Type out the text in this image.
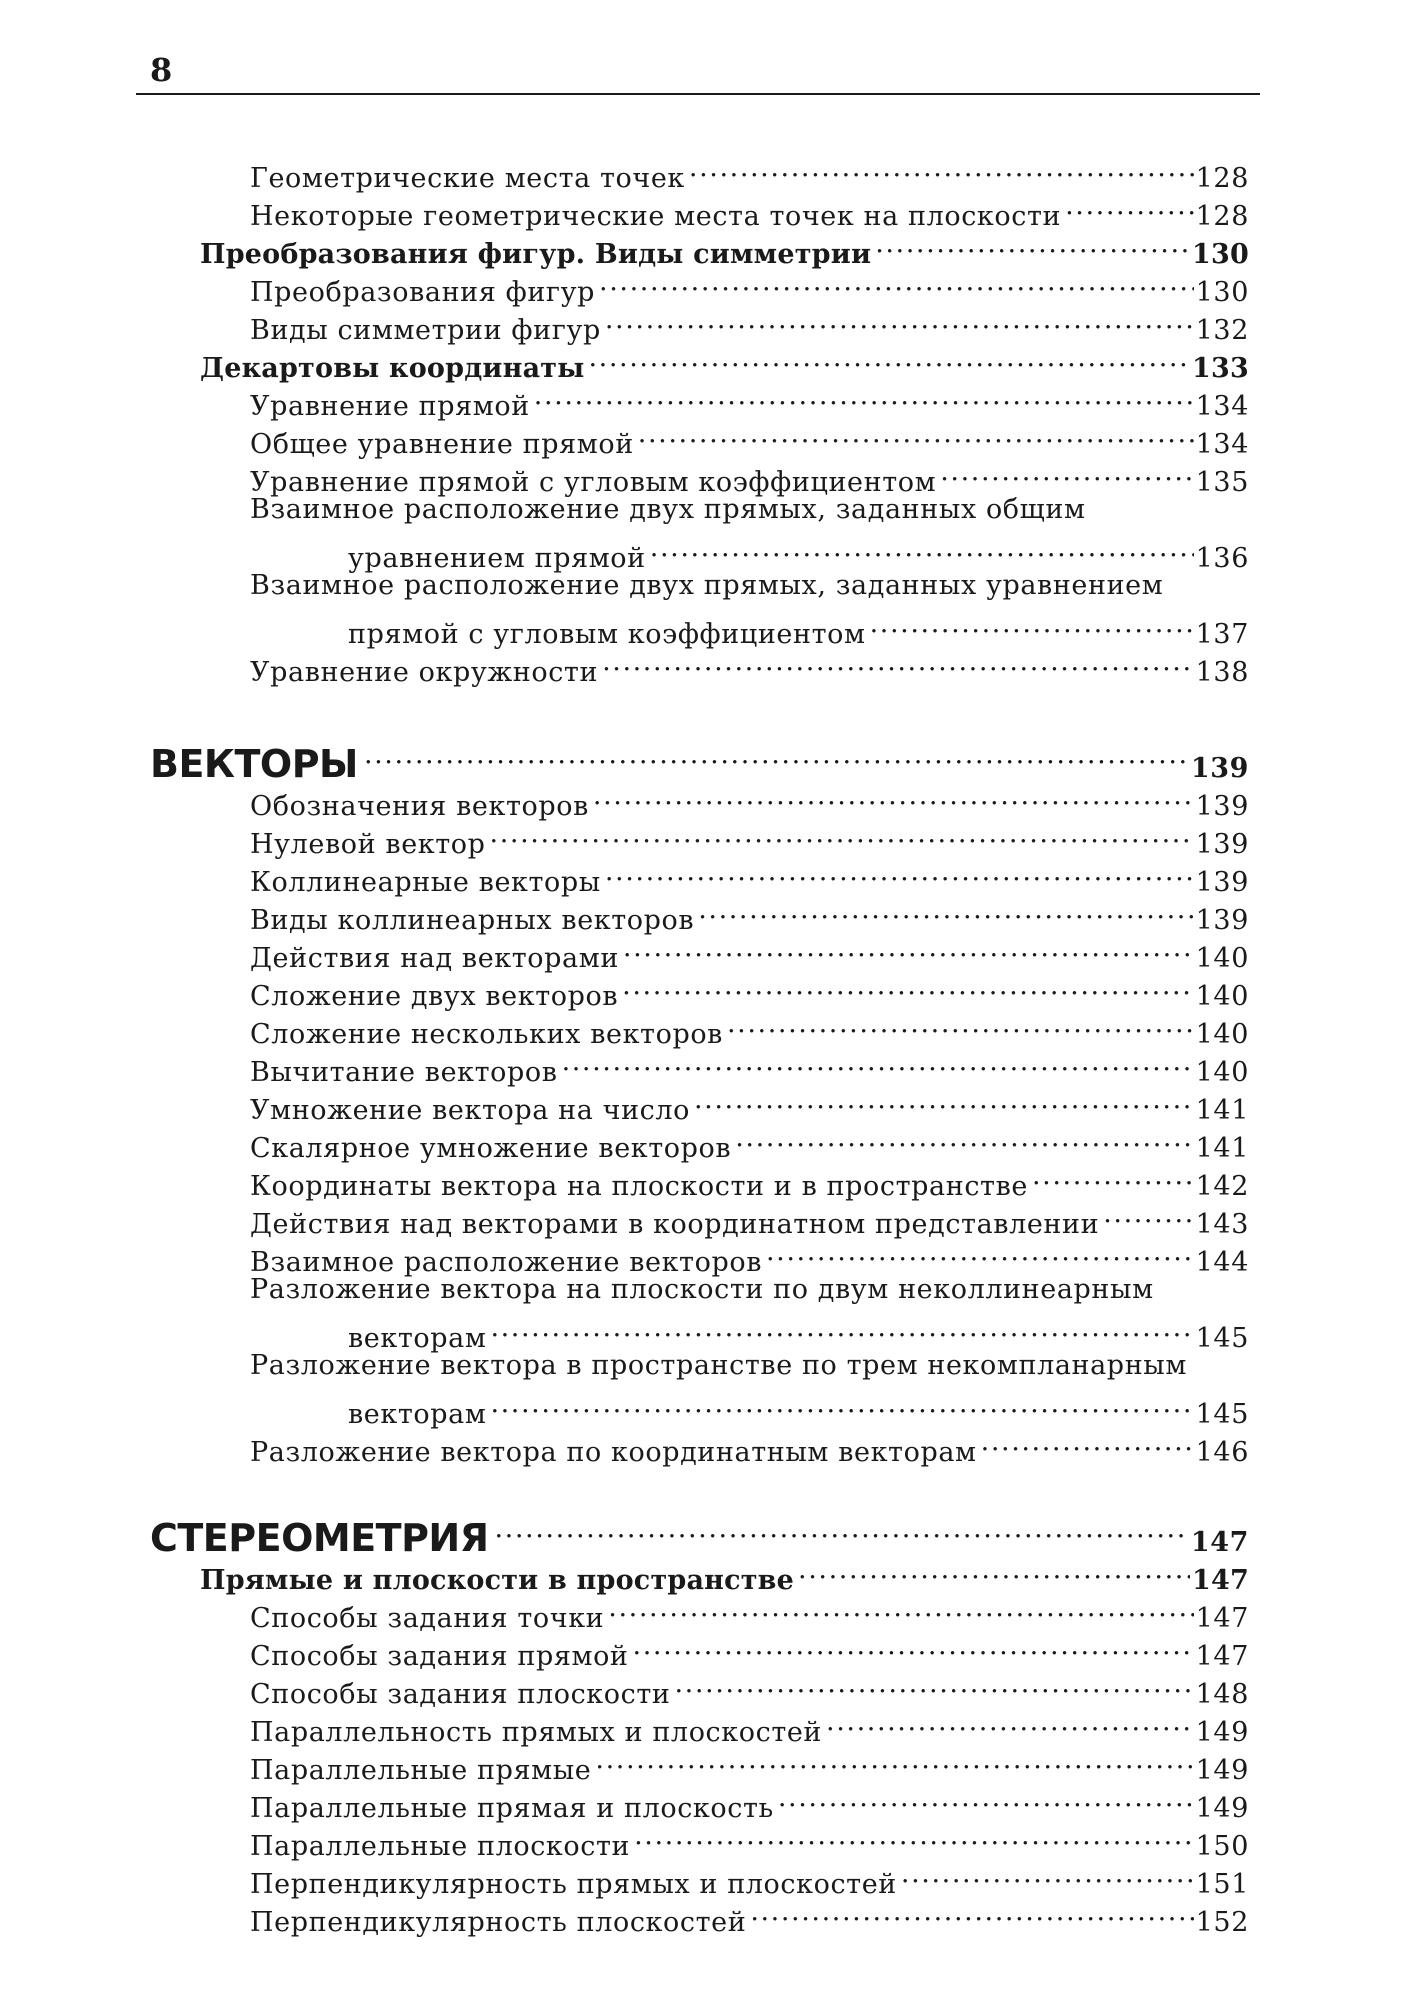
8
Геометрические места точек .....	128
Некоторые геометрические места точек на плоскости .....	128
Преобразования фигур. Виды симметрии .....	130
Преобразования фигур .....	130
Виды симметрии фигур .....	132
Декартовы координаты .....	133
Уравнение прямой .....	134
Общее уравнение прямой .....	134
Уравнение прямой с угловым коэффициентом .....	135
Взаимное расположение двух прямых, заданных общим
уравнением прямой .....	136
Взаимное расположение двух прямых, заданных уравнением
прямой с угловым коэффициентом .....	137
Уравнение окружности .....	138
ВЕКТОРЫ .....	139
Обозначения векторов .....	139
Нулевой вектор .....	139
Коллинеарные векторы .....	139
Виды коллинеарных векторов .....	139
Действия над векторами .....	140
Сложение двух векторов .....	140
Сложение нескольких векторов .....	140
Вычитание векторов .....	140
Умножение вектора на число .....	141
Скалярное умножение векторов .....	141
Координаты вектора на плоскости и в пространстве .....	142
Действия над векторами в координатном представлении .....	143
Взаимное расположение векторов .....	144
Разложение вектора на плоскости по двум неколлинеарным
векторам .....	145
Разложение вектора в пространстве по трем некомпланарным
векторам .....	145
Разложение вектора по координатным векторам .....	146
СТЕРЕОМЕТРИЯ .....	147
Прямые и плоскости в пространстве .....	147
Способы задания точки .....	147
Способы задания прямой .....	147
Способы задания плоскости .....	148
Параллельность прямых и плоскостей .....	149
Параллельные прямые .....	149
Параллельные прямая и плоскость .....	149
Параллельные плоскости .....	150
Перпендикулярность прямых и плоскостей .....	151
Перпендикулярность плоскостей .....	152
